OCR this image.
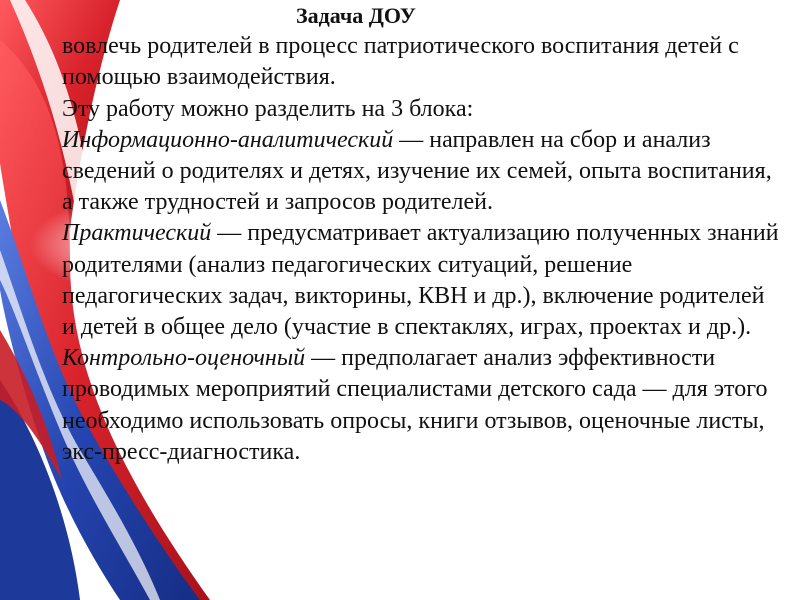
Задача ДОУ

вовлечь родителей в процесс патриотического воспитания детей с помощью взаимодействия.

Эту работу можно разделить на 3 блока:

Информационно-аналитический — направлен на сбор и анализ сведений о родителях и детях, изучение их семей, опыта воспитания, а также трудностей и запросов родителей.

Практический — предусматривает актуализацию полученных знаний родителями (анализ педагогических ситуаций, решение педагогических задач, викторины, КВН и др.), включение родителей и детей в общее дело (участие в спектаклях, играх, проектах и др.).

Контрольно-оценочный — предполагает анализ эффективности проводимых мероприятий специалистами детского сада — для этого необходимо использовать опросы, книги отзывов, оценочные листы, экс-пресс-диагностика.
